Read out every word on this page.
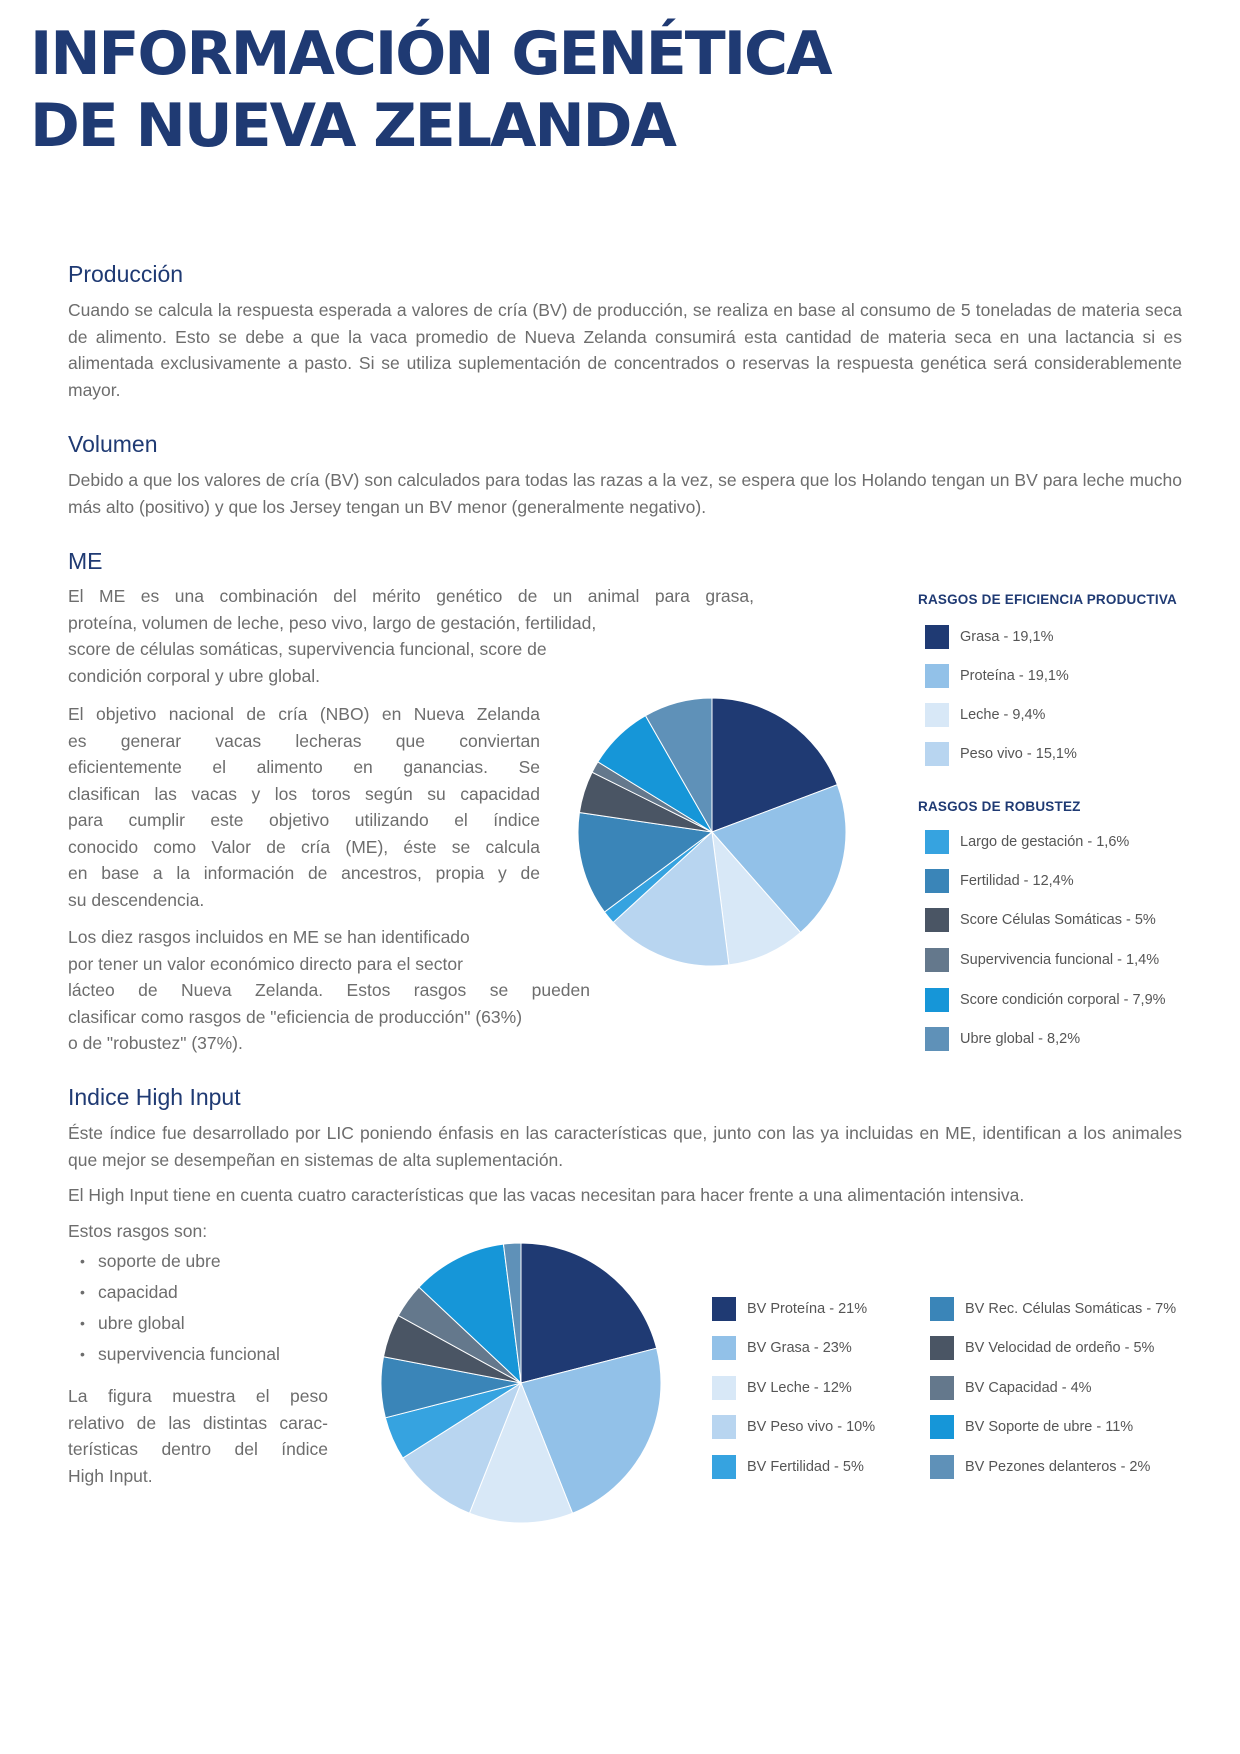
INFORMACIÓN GENÉTICA
DE NUEVA ZELANDA
Producción

Cuando se calcula la respuesta esperada a valores de cría (BV) de producción, se realiza en base al consumo de 5 toneladas de materia seca de alimento. Esto se debe a que la vaca promedio de Nueva Zelanda consumirá esta cantidad de materia seca en una lactancia si es alimentada exclusivamente a pasto. Si se utiliza suplementación de concentrados o reservas la respuesta genética será considerablemente mayor.

Volumen

Debido a que los valores de cría (BV) son calculados para todas las razas a la vez, se espera que los Holando tengan un BV para leche mucho más alto (positivo) y que los Jersey tengan un BV menor (generalmente negativo).

ME
El ME es una combinación del mérito genético de un animal para grasa,
proteína, volumen de leche, peso vivo, largo de gestación, fertilidad,
score de células somáticas, supervivencia funcional, score de
condición corporal y ubre global.
El objetivo nacional de cría (NBO) en Nueva Zelanda
es generar vacas lecheras que conviertan
eficientemente el alimento en ganancias. Se
clasifican las vacas y los toros según su capacidad
para cumplir este objetivo utilizando el índice
conocido como Valor de cría (ME), éste se calcula
en base a la información de ancestros, propia y de
su descendencia.
Los diez rasgos incluidos en ME se han identificado
por tener un valor económico directo para el sector
lácteo de Nueva Zelanda. Estos rasgos se pueden
clasificar como rasgos de "eficiencia de producción" (63%)
o de "robustez" (37%).
RASGOS DE EFICIENCIA PRODUCTIVA
RASGOS DE ROBUSTEZ
Grasa - 19,1%
Proteína - 19,1%
Leche - 9,4%
Peso vivo - 15,1%
Largo de gestación - 1,6%
Fertilidad - 12,4%
Score Células Somáticas - 5%
Supervivencia funcional - 1,4%
Score condición corporal - 7,9%
Ubre global - 8,2%
Indice High Input

Éste índice fue desarrollado por LIC poniendo énfasis en las características que, junto con las ya incluidas en ME, identifican a los animales que mejor se desempeñan en sistemas de alta suplementación.

El High Input tiene en cuenta cuatro características que las vacas necesitan para hacer frente a una alimentación intensiva.

Estos rasgos son:

• soporte de ubre
• capacidad
• ubre global
• supervivencia funcional
La figura muestra el peso
relativo de las distintas carac-
terísticas dentro del índice
High Input.
BV Proteína - 21%
BV Grasa - 23%
BV Leche - 12%
BV Peso vivo - 10%
BV Fertilidad - 5%
BV Rec. Células Somáticas - 7%
BV Velocidad de ordeño - 5%
BV Capacidad - 4%
BV Soporte de ubre - 11%
BV Pezones delanteros - 2%
